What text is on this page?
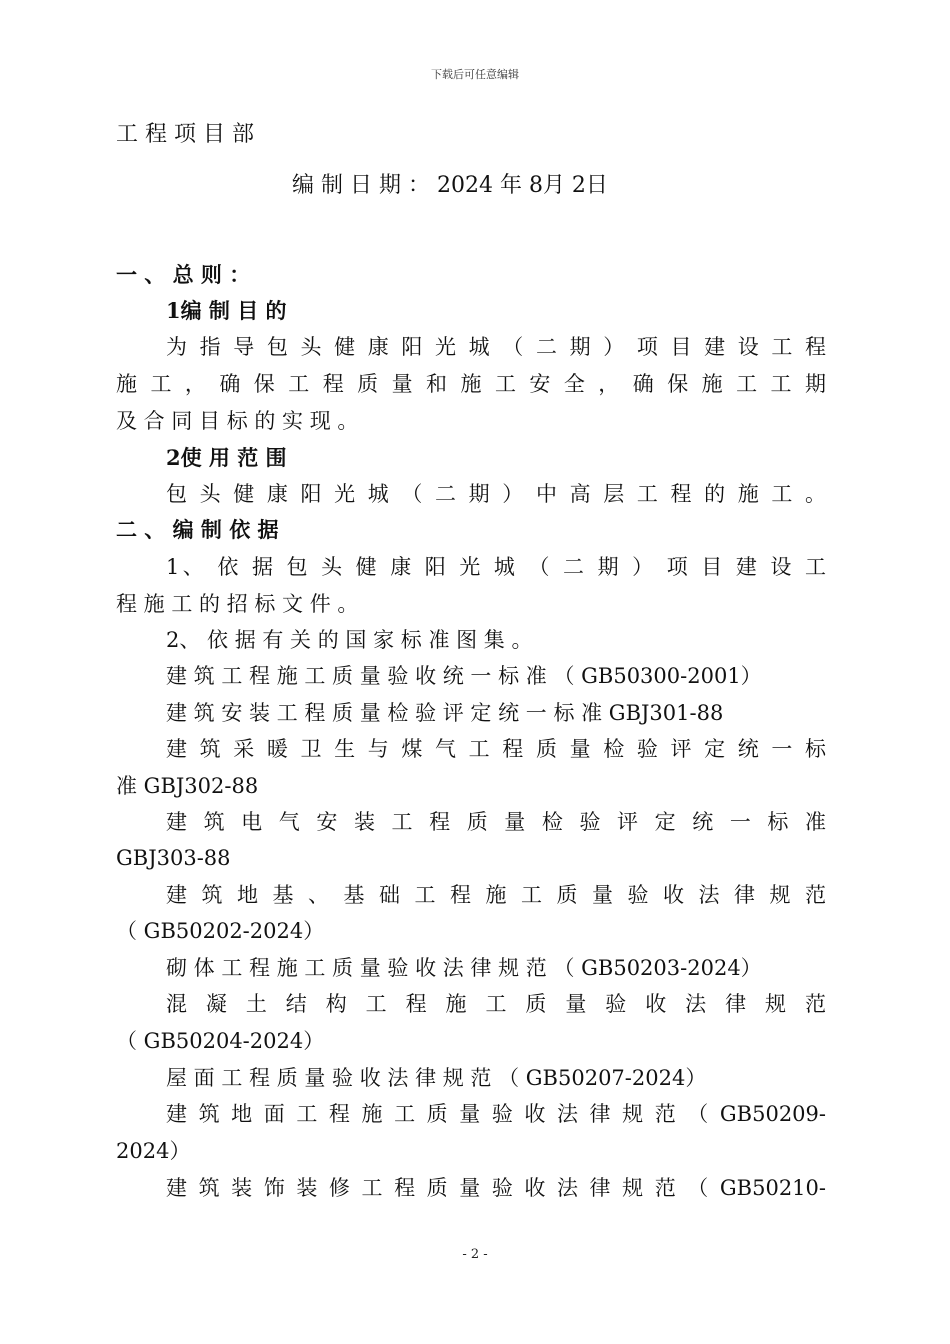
下载后可任意编辑
工 程 项 目 部
编 制 日 期 ： 2024 年 8月 2日
一 、 总 则 ：
1编 制 目 的
为 指 导 包 头 健 康 阳 光 城 （ 二 期 ） 项 目 建 设 工 程
施 工 ， 确 保 工 程 质 量 和 施 工 安 全 ， 确 保 施 工 工 期
及 合 同 目 标 的 实 现 。
2使 用 范 围
包 头 健 康 阳 光 城 （ 二 期 ） 中 高 层 工 程 的 施 工 。
二 、 编 制 依 据
1、 依 据 包 头 健 康 阳 光 城 （ 二 期 ） 项 目 建 设 工
程 施 工 的 招 标 文 件 。
2、 依 据 有 关 的 国 家 标 准 图 集 。
建 筑 工 程 施 工 质 量 验 收 统 一 标 准 （ GB50300-2001）
建 筑 安 装 工 程 质 量 检 验 评 定 统 一 标 准 GBJ301-88
建 筑 采 暖 卫 生 与 煤 气 工 程 质 量 检 验 评 定 统 一 标
准 GBJ302-88
建 筑 电 气 安 装 工 程 质 量 检 验 评 定 统 一 标 准
GBJ303-88
建 筑 地 基 、 基 础 工 程 施 工 质 量 验 收 法 律 规 范
（ GB50202-2024）
砌 体 工 程 施 工 质 量 验 收 法 律 规 范 （ GB50203-2024）
混 凝 土 结 构 工 程 施 工 质 量 验 收 法 律 规 范
（ GB50204-2024）
屋 面 工 程 质 量 验 收 法 律 规 范 （ GB50207-2024）
建 筑 地 面 工 程 施 工 质 量 验 收 法 律 规 范 （ GB50209-
2024）
建 筑 装 饰 装 修 工 程 质 量 验 收 法 律 规 范 （ GB50210-
- 2 -
